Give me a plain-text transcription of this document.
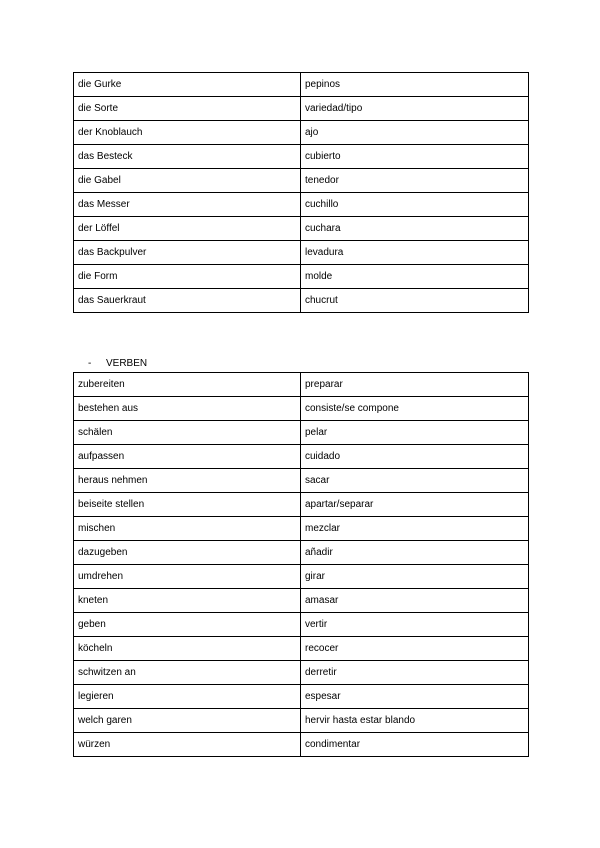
die Gurke	pepinos
die Sorte	variedad/tipo
der Knoblauch	ajo
das Besteck	cubierto
die Gabel	tenedor
das Messer	cuchillo
der Löffel	cuchara
das Backpulver	levadura
die Form	molde
das Sauerkraut	chucrut
- VERBEN
zubereiten	preparar
bestehen aus	consiste/se compone
schälen	pelar
aufpassen	cuidado
heraus nehmen	sacar
beiseite stellen	apartar/separar
mischen	mezclar
dazugeben	añadir
umdrehen	girar
kneten	amasar
geben	vertir
köcheln	recocer
schwitzen an	derretir
legieren	espesar
welch garen	hervir hasta estar blando
würzen	condimentar
